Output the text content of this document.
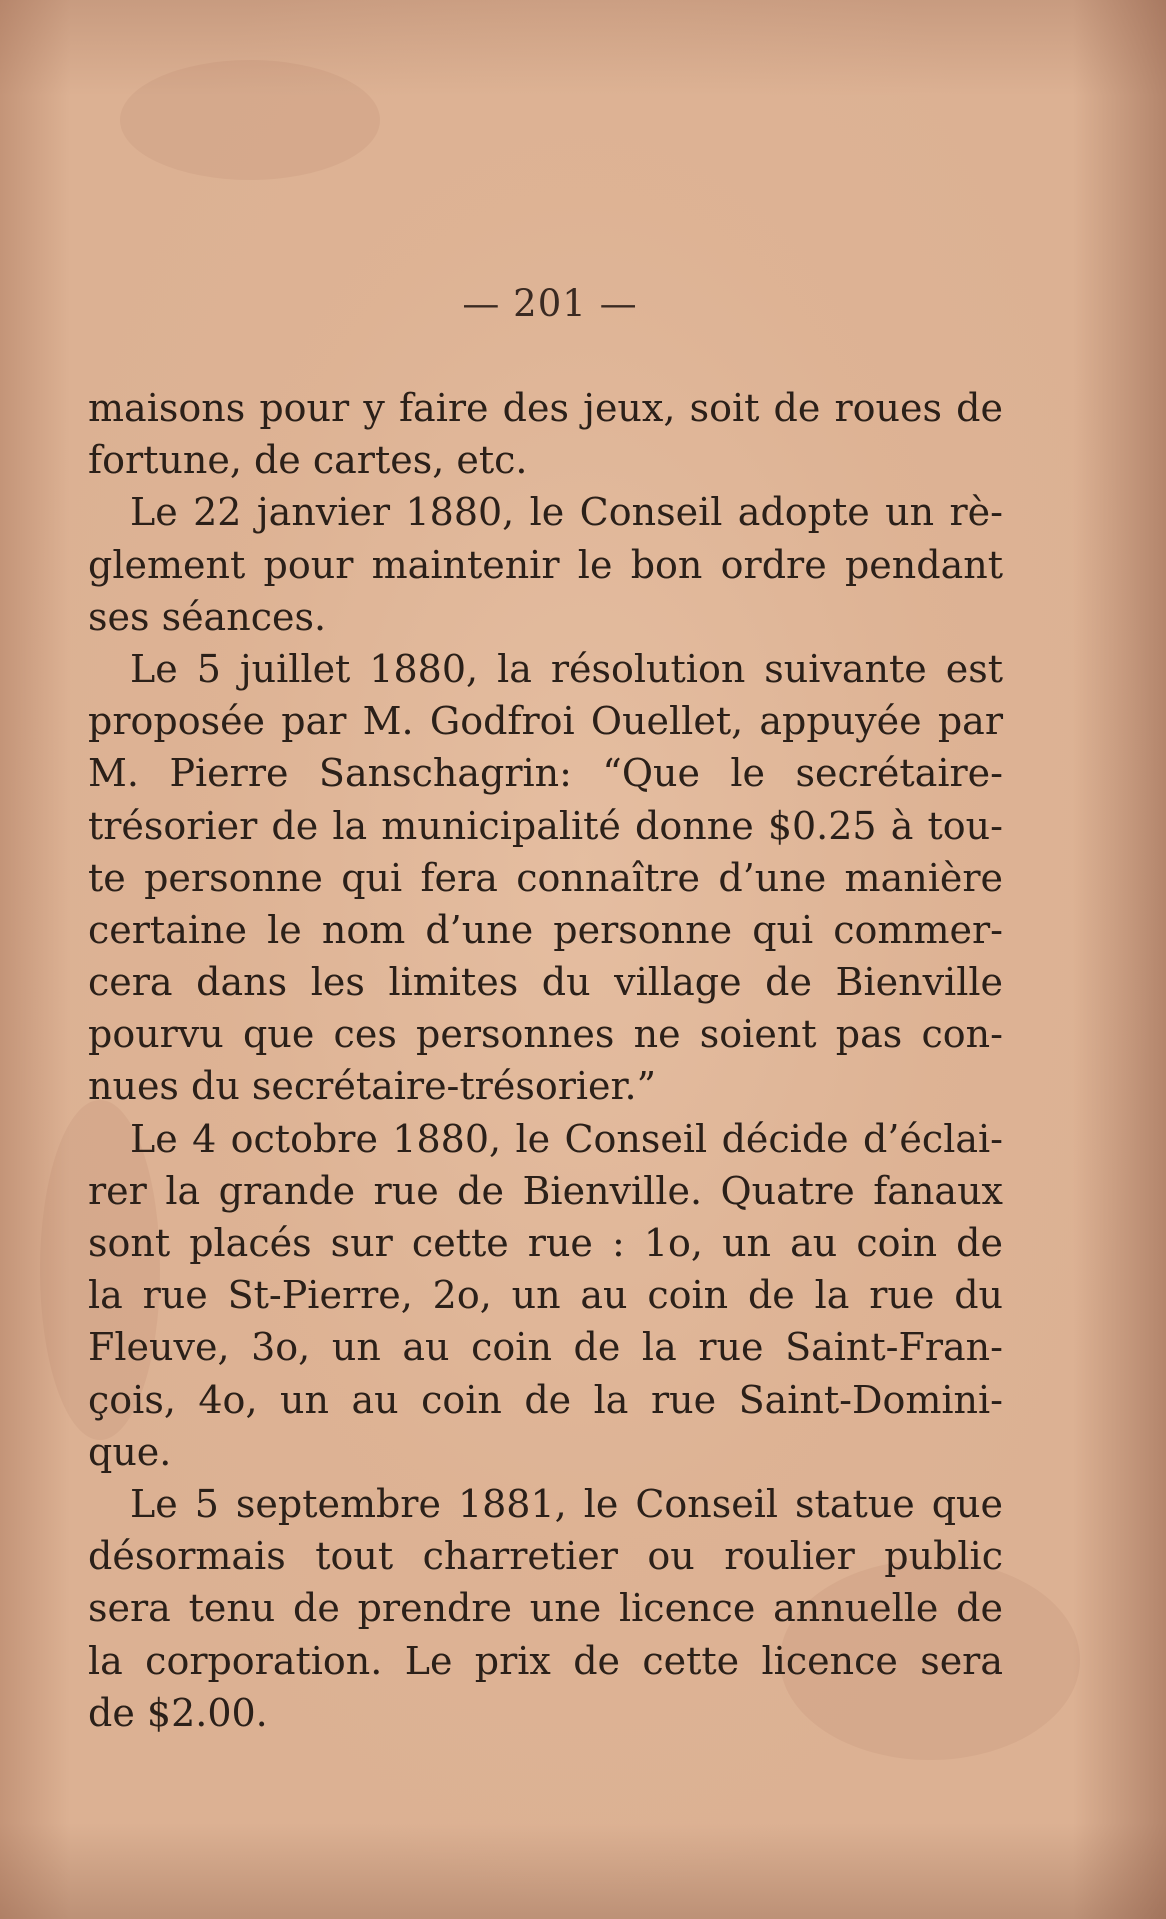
— 201 —
maisons pour y faire des jeux, soit de roues de
fortune, de cartes, etc.
Le 22 janvier 1880, le Conseil adopte un rè-
glement pour maintenir le bon ordre pendant
ses séances.
Le 5 juillet 1880, la résolution suivante est
proposée par M. Godfroi Ouellet, appuyée par
M. Pierre Sanschagrin: “Que le secrétaire-
trésorier de la municipalité donne $0.25 à tou-
te personne qui fera connaître d’une manière
certaine le nom d’une personne qui commer-
cera dans les limites du village de Bienville
pourvu que ces personnes ne soient pas con-
nues du secrétaire-trésorier.”
Le 4 octobre 1880, le Conseil décide d’éclai-
rer la grande rue de Bienville. Quatre fanaux
sont placés sur cette rue : 1o, un au coin de
la rue St-Pierre, 2o, un au coin de la rue du
Fleuve, 3o, un au coin de la rue Saint-Fran-
çois, 4o, un au coin de la rue Saint-Domini-
que.
Le 5 septembre 1881, le Conseil statue que
désormais tout charretier ou roulier public
sera tenu de prendre une licence annuelle de
la corporation. Le prix de cette licence sera
de $2.00.
